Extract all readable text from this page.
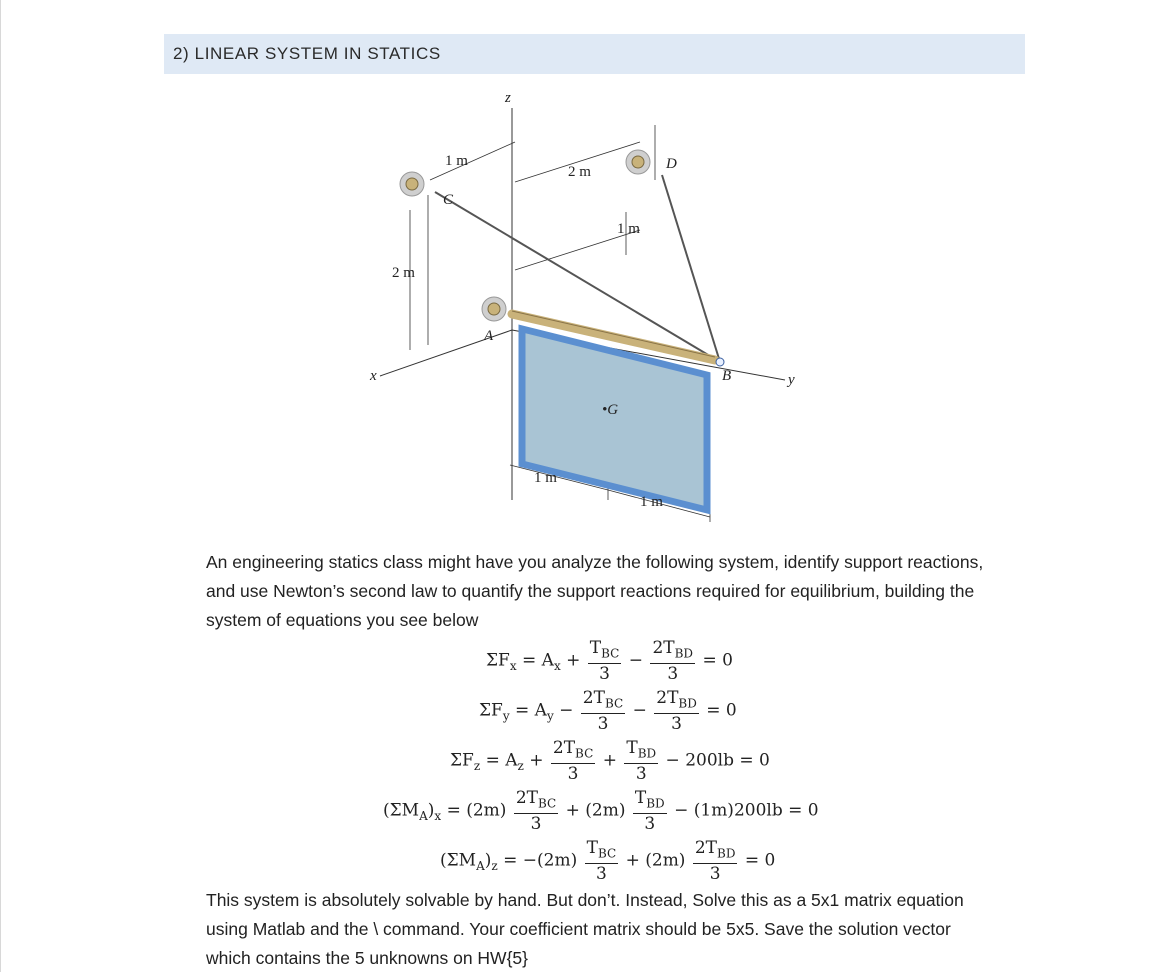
2) LINEAR SYSTEM IN STATICS
z
x	y
A
B
C
D
•G
1 m
2 m
1 m
2 m
1 m
1 m
An engineering statics class might have you analyze the following system, identify support reactions, and use Newton’s second law to quantify the support reactions required for equilibrium, building the system of equations you see below
$\Sigma F_x = A_x + \frac{T_{BC}}{3} - \frac{2T_{BD}}{3} = 0$
$\Sigma F_y = A_y - \frac{2T_{BC}}{3} - \frac{2T_{BD}}{3} = 0$
$\Sigma F_z = A_z + \frac{2T_{BC}}{3} + \frac{T_{BD}}{3} - 200lb = 0$
$(\Sigma M_A)_x = (2m) \frac{2T_{BC}}{3} + (2m) \frac{T_{BD}}{3} - (1m)200lb = 0$
$(\Sigma M_A)_z = -(2m) \frac{T_{BC}}{3} + (2m) \frac{2T_{BD}}{3} = 0$
This system is absolutely solvable by hand. But don’t. Instead, Solve this as a 5x1 matrix equation using Matlab and the \ command. Your coefficient matrix should be 5x5. Save the solution vector which contains the 5 unknowns on HW{5}
